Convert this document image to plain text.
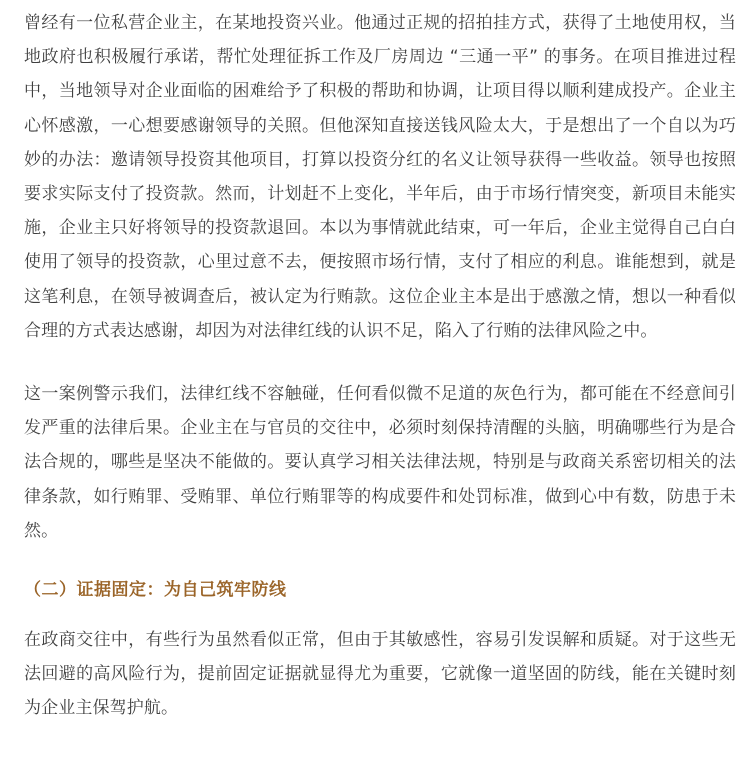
曾经有一位私营企业主，在某地投资兴业。他通过正规的招拍挂方式，获得了土地使用权，当地政府也积极履行承诺，帮忙处理征拆工作及厂房周边 “三通一平” 的事务。在项目推进过程中，当地领导对企业面临的困难给予了积极的帮助和协调，让项目得以顺利建成投产。企业主心怀感激，一心想要感谢领导的关照。但他深知直接送钱风险太大，于是想出了一个自以为巧妙的办法：邀请领导投资其他项目，打算以投资分红的名义让领导获得一些收益。领导也按照要求实际支付了投资款。然而，计划赶不上变化，半年后，由于市场行情突变，新项目未能实施，企业主只好将领导的投资款退回。本以为事情就此结束，可一年后，企业主觉得自己白白使用了领导的投资款，心里过意不去，便按照市场行情，支付了相应的利息。谁能想到，就是这笔利息，在领导被调查后，被认定为行贿款。这位企业主本是出于感激之情，想以一种看似合理的方式表达感谢，却因为对法律红线的认识不足，陷入了行贿的法律风险之中。

这一案例警示我们，法律红线不容触碰，任何看似微不足道的灰色行为，都可能在不经意间引发严重的法律后果。企业主在与官员的交往中，必须时刻保持清醒的头脑，明确哪些行为是合法合规的，哪些是坚决不能做的。要认真学习相关法律法规，特别是与政商关系密切相关的法律条款，如行贿罪、受贿罪、单位行贿罪等的构成要件和处罚标准，做到心中有数，防患于未然。

（二）证据固定：为自己筑牢防线

在政商交往中，有些行为虽然看似正常，但由于其敏感性，容易引发误解和质疑。对于这些无法回避的高风险行为，提前固定证据就显得尤为重要，它就像一道坚固的防线，能在关键时刻为企业主保驾护航。
